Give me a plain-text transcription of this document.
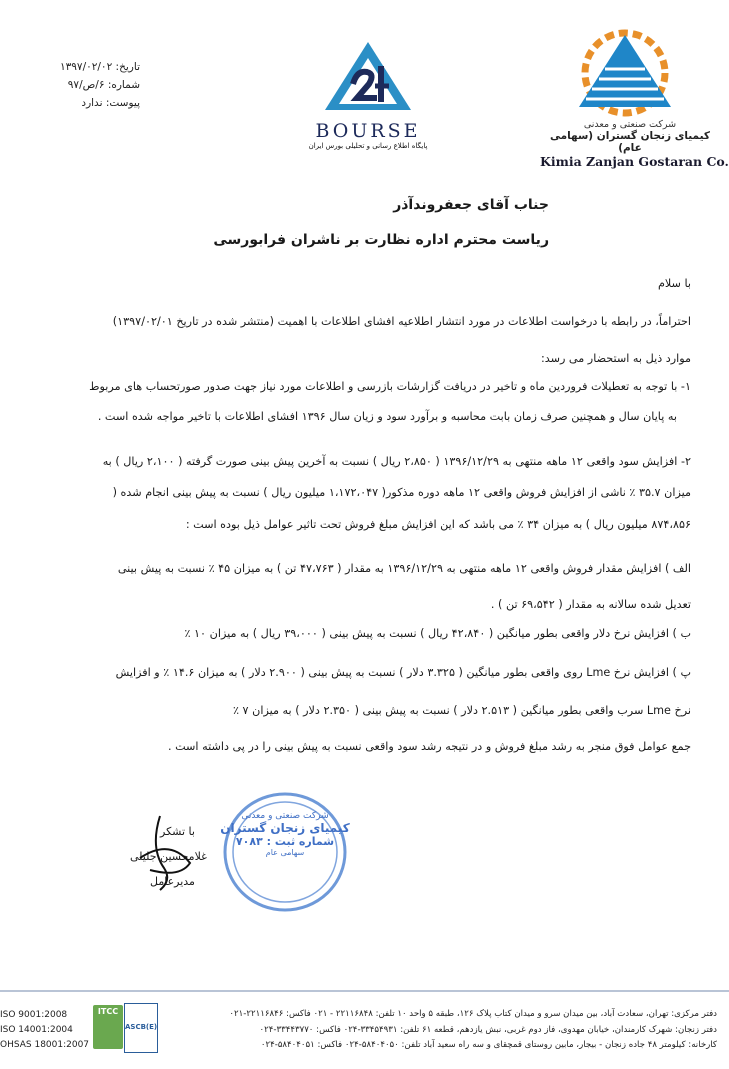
تاریخ: ۱۳۹۷/۰۲/۰۲
شماره: ۶/ص/۹۷
پیوست: ندارد
BOURSE
پایگاه اطلاع رسانی و تحلیلی بورس ایران
شرکت صنعتی و معدنی
کیمیای زنجان گستران (سهامی عام)
Kimia Zanjan Gostaran Co.
جناب آقای جعفروندآذر
ریاست محترم اداره نظارت بر ناشران فرابورسی
با سلام
احتراماً، در رابطه با درخواست اطلاعات در مورد انتشار اطلاعیه افشای اطلاعات با اهمیت (منتشر شده در تاریخ ۱۳۹۷/۰۲/۰۱)
موارد ذیل به استحضار می رسد:
۱- با توجه به تعطیلات فروردین ماه و تاخیر در دریافت گزارشات بازرسی و اطلاعات مورد نیاز جهت صدور صورتحساب های مربوط
به پایان سال و همچنین صرف زمان بابت محاسبه و برآورد سود و زیان سال ۱۳۹۶ افشای اطلاعات با تاخیر مواجه شده است .
۲- افزایش سود واقعی ۱۲ ماهه منتهی به ۱۳۹۶/۱۲/۲۹ ( ۲،۸۵۰ ریال ) نسبت به آخرین پیش بینی صورت گرفته ( ۲،۱۰۰ ریال ) به
میزان ۳۵.۷ ٪ ناشی از افزایش فروش واقعی ۱۲ ماهه دوره مذکور( ۱،۱۷۲،۰۴۷ میلیون ریال ) نسبت به پیش بینی انجام شده (
۸۷۴،۸۵۶ میلیون ریال ) به میزان ۳۴ ٪ می باشد که این افزایش مبلغ فروش تحت تاثیر عوامل ذیل بوده است :
الف ) افزایش مقدار فروش واقعی ۱۲ ماهه منتهی به ۱۳۹۶/۱۲/۲۹ به مقدار ( ۴۷،۷۶۳ تن ) به میزان ۴۵ ٪ نسبت به پیش بینی
تعدیل شده سالانه به مقدار ( ۶۹،۵۴۲ تن ) .
ب ) افزایش نرخ دلار واقعی بطور میانگین ( ۴۲،۸۴۰ ریال ) نسبت به پیش بینی ( ۳۹،۰۰۰ ریال ) به میزان ۱۰ ٪
پ ) افزایش نرخ Lme روی واقعی بطور میانگین ( ۳.۳۲۵ دلار ) نسبت به پیش بینی ( ۲.۹۰۰ دلار ) به میزان ۱۴.۶ ٪ و افزایش
نرخ Lme سرب واقعی بطور میانگین ( ۲.۵۱۳ دلار ) نسبت به پیش بینی ( ۲.۳۵۰ دلار ) به میزان ۷ ٪
جمع عوامل فوق منجر به رشد مبلغ فروش و در نتیجه رشد سود واقعی نسبت به پیش بینی را در پی داشته است .
شرکت صنعتی و معدنی
کیمیای زنجان گستران
شماره ثبت : ۷۰۸۳
سهامی عام
با تشکر
غلامحسین جلیلی
مدیرعامل
ISO 9001:2008
ISO 14001:2004
OHSAS 18001:2007
ITCC
ASCB(E)
دفتر مرکزی: تهران، سعادت آباد، بین میدان سرو و میدان کتاب پلاک ۱۲۶، طبقه ۵ واحد ۱۰ تلفن: ۲۲۱۱۶۸۴۸ - ۰۲۱ فاکس: ۲۲۱۱۶۸۴۶-۰۲۱
دفتر زنجان: شهرک کارمندان، خیابان مهدوی، فاز دوم غربی، نبش یازدهم، قطعه ۶۱ تلفن: ۳۳۴۵۴۹۳۱-۰۲۴ فاکس: ۳۳۴۴۳۷۷۰-۰۲۴
کارخانه: کیلومتر ۴۸ جاده زنجان - بیجار، مابین روستای قمچقای و سه راه سعید آباد تلفن: ۵۸۴۰۴۰۵۰-۰۲۴ فاکس: ۵۸۴۰۴۰۵۱-۰۲۴
